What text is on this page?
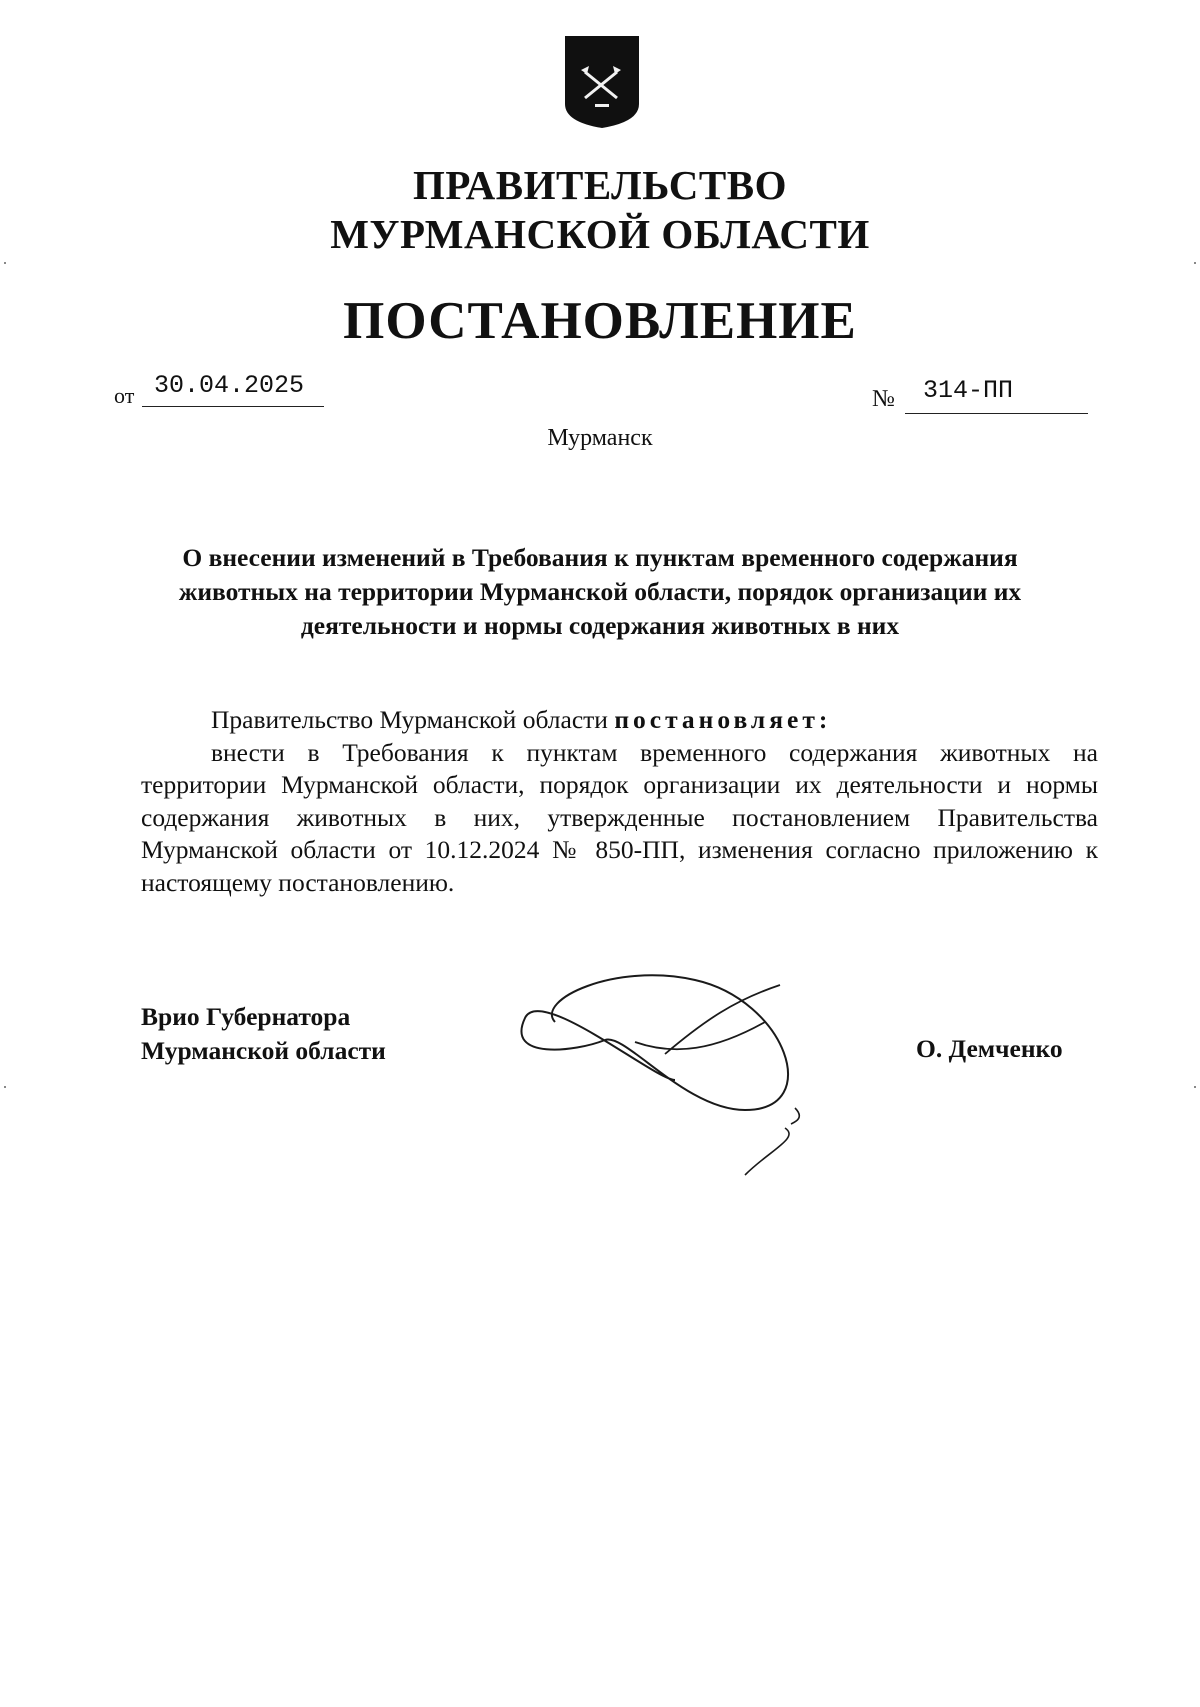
ПРАВИТЕЛЬСТВО
МУРМАНСКОЙ ОБЛАСТИ
ПОСТАНОВЛЕНИЕ
от 30.04.2025	№	314-ПП
Мурманск
О внесении изменений в Требования к пунктам временного содержания животных на территории Мурманской области, порядок организации их деятельности и нормы содержания животных в них

Правительство Мурманской области постановляет:

внести в Требования к пунктам временного содержания животных на территории Мурманской области, порядок организации их деятельности и нормы содержания животных в них, утвержденные постановлением Правительства Мурманской области от 10.12.2024 № 850-ПП, изменения согласно приложению к настоящему постановлению.

Врио Губернатора
Мурманской области	О. Демченко
